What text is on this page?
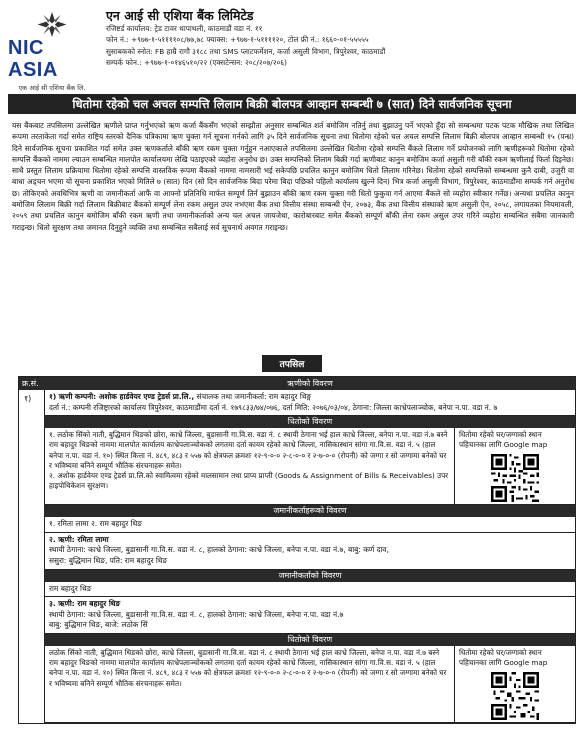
NIC ASIA
एक आई सी एशिया बैंक लि.
एन आई सी एशिया बैंक लिमिटेड
रजिष्टर्ड कार्यालय: ट्रेड टावर थापाथली, काठमाडौं वडा नं. ११
फोन नं.: +९७७-१-५११११०८/७७,७८ फ्याक्स: +९७७-१-५११११२०, टोल फ्री नं.: १६६०-०१-५५५५५
सुसाबकको स्नोत: FB हाम्रै रागौ ३१८८ तथा SMS प्लाटफर्मेशन, कर्जा असुली विभाग, त्रिपुरेश्वर, काठमाडौं
सम्पर्क फोन.: +९७७-१-०१४६५१०/२२ (एक्सटेन्सन: २०८/२०७/२०६)
धितोमा रहेको चल अचल सम्पत्ति लिलाम बिक्री बोलपत्र आव्हान सम्बन्धी ७ (सात) दिने सार्वजनिक सूचना
यस बैंकबाट तपसिलमा उल्लेखित ऋणीले प्राप्त गर्नुभएको ऋण कर्जा बैंकसँग भएको सम्झौता अनुसार सम्बन्धित शर्त बमोजिम नतिर्नु तथा बुझाउनु पर्ने भएको हुँदा सो सम्बन्धमा पटक पटक मौखिक तथा लिखित रूपमा तरताकेता गर्दा समेत राष्ट्रिय स्तरको दैनिक पत्रिकामा ऋण चुक्ता गर्न सूचना गर्नको लागि ३५ दिने सार्वजनिक सूचना तथा धितोमा रहेको चल अचल सम्पत्ति लिलाम बिक्री बोलपत्र आव्हान सम्बन्धी १५ (पन्ध्र) दिने सार्वजनिक सूचना प्रकाशित गर्दा समेत उक्त ऋणकर्ताले बाँकी ऋण रकम चुक्ता गर्नुहुन नआएकाले तपसिलमा उल्लेखित धितोमा रहेको सम्पत्ति बैंकले लिलाम गर्ने प्रयोजनको लागि ऋणीहरूको धितोमा रहेको सम्पत्ति बैंकको नाममा ल्याउन सम्बन्धित मालपोत कार्यालयमा लेखि पठाइएको व्यहोरा अनुरोध छ। उक्त सम्पत्तिको लिलाम बिक्री गर्दा ऋणीबाट कानुन बमोजिम कर्जा असुली गरी बाँकी रकम ऋणीलाई फिर्ता दिइनेछ। साथै प्रस्तुत लिलाम प्रक्रियामा धितोमा रहेको सम्पत्ति वास्तविक रूपमा बैंकको नाममा नामसारी भई सकेपछि प्रचलित कानुन बमोजिम धितो लिलाम गरिनेछ। धितोमा रहेको सम्पत्तिको सम्बन्धमा कुनै दाबी, उजुरी वा बाधा अड्चन भएमा यो सूचना प्रकाशित भएको मितिले ७ (सात) दिन (सो दिन सार्वजनिक बिदा परेमा बिदा पछिको पहिलो कार्यालय खुल्ने दिन) भित्र कर्जा असुली विभाग, त्रिपुरेश्वर, काठमाडौंमा सम्पर्क गर्न अनुरोध छ। तोकिएको अवधिभित्र ऋणी वा जमानीकर्ता आफैं वा आफ्नो प्रतिनिधि मार्फत सम्पूर्ण तिर्न बुझाउन बाँकी ऋण रकम चुक्ता गरी धितो फुकुवा गर्न आएमा बैंकले सो व्यहोरा स्वीकार गर्नेछ। अन्यथा प्रचलित कानुन बमोजिम लिलाम बिक्री गर्दा लिलाम बिक्रीबाट बैंकको सम्पूर्ण लेना रकम असुल उपर नभएमा बैंक तथा वित्तीय संस्था सम्बन्धी ऐन, २०७३, बैंक तथा वित्तीय संस्थाको ऋण असुली ऐन, २०५८, लगायतका नियमावली, २०५९ तथा प्रचलित कानुन बमोजिम बाँकी रकम ऋणी तथा जमानीकर्ताको अन्य चल अचल जायजेथा, कारोबारबाट समेत बैंकको सम्पूर्ण बाँकी लेना रकम असुल उपर गरिने व्यहोरा सम्बन्धित सबैमा जानकारी गराइन्छ। धितो सुरक्षण तथा जमानत दिनुहुने व्यक्ति तथा सम्बन्धित सबैलाई सर्व सूचनार्थ अवगत गराइन्छ।
तपसिल
क्र.सं.	ऋणीको विवरण
१)	१) ऋणी कम्पनी: अशोक हार्डवेयर एण्ड ट्रेडर्स प्रा.लि., संचालक तथा जमानीकर्ता: राम बहादुर थिङ्ग
दर्ता नं.: कम्पनी रजिष्ट्रारको कार्यालय त्रिपुरेश्वर, काठमाडौंमा दर्ता नं. १७९८३३/७४/०७६, दर्ता मिति: २०७६/०३/०४, ठेगाना: जिल्ला काभ्रेपलाञ्चोक, बनेपा न.पा. वडा नं. ७
धितोको विवरण
१. लठोक सिंको नाती, बुद्धिमान थिङको छोरा, काभ्रे जिल्ला, बुडासानी गा.वि.स. वडा नं. ८ स्थायी ठेगाना भई हाल काभ्रे जिल्ला, बनेपा न.पा. वडा नं.७ बस्ने राम बहादुर थिङको नाममा मालपोत कार्यालय काभ्रेपलाञ्चोकको लगतमा दर्ता कायम रहेको काभ्रे जिल्ला, नासिकास्थान सांगा गा.वि.स. वडा नं. ५ (हाल बनेपा न.पा. वडा नं. १०) स्थित कित्ता नं. ४८९, ४८३ र ५५७ को क्षेत्रफल क्रमशः १२-९-०-० २-८-०-० र २-७-०-० (रोपनी) को जग्गा र सो जग्गामा बनेको घर र भविष्यमा बनिने सम्पूर्ण भौतिक संरचनाहरू समेत।
२. अशोक हार्डवेयर एण्ड ट्रेडर्स प्रा.लि.को स्वामित्वमा रहेको मालसामान तथा प्राप्य प्राप्ती (Goods & Assignment of Bills & Receivables) उपर हाइपोथिकेशन सुरक्षण।
धितोमा रहेको घर/जग्गाको स्थान पहिचानका लागि Google map
जमानीकर्ताहरूको विवरण
१. रमिता लामा २. राम बहादुर थिङ
२. ऋणी: रमिता लामा
स्थायी ठेगाना: काभ्रे जिल्ला, बुडासानी गा.वि.स. वडा नं. ८, हालको ठेगाना: काभ्रे जिल्ला, बनेपा न.पा. वडा नं.७, बाबु: कर्ण दाव,
ससुरा: बुद्धिमान थिङ, पति: राम बहादुर थिङ
जमानीकर्ताको विवरण
राम बहादुर थिङ
३. ऋणी: राम बहादुर थिङ
स्थायी ठेगाना: काभ्रे जिल्ला, बुडासानी गा.वि.स. वडा नं. ८, हालको ठेगाना: काभ्रे जिल्ला, बनेपा न.पा. वडा नं.७
बाबु: बुद्धिमान थिङ, बाजे: लठोक सिं
धितोको विवरण
लठोक सिंको नाती, बुद्धिमान थिङको छोरा, काभ्रे जिल्ला, बुडासानी गा.वि.स. वडा नं. ८ स्थायी ठेगाना भई हाल काभ्रे जिल्ला, बनेपा न.पा. वडा नं.७ बस्ने राम बहादुर थिङको नाममा मालपोत कार्यालय काभ्रेपलाञ्चोकको लगतमा दर्ता कायम रहेको काभ्रे जिल्ला, नासिकास्थान सांगा गा.वि.स. वडा नं. ५ (हाल बनेपा न.पा. वडा नं. १०) स्थित कित्ता नं. ४८९, ४८३ र ५५७ को क्षेत्रफल क्रमशः १२-९-०-० २-८-०-० र २-७-०-० (रोपनी) को जग्गा र सो जग्गामा बनेको घर र भविष्यमा बनिने सम्पूर्ण भौतिक संरचनाहरू समेत।
धितोमा रहेको घर/जग्गाको स्थान पहिचानका लागि Google map
